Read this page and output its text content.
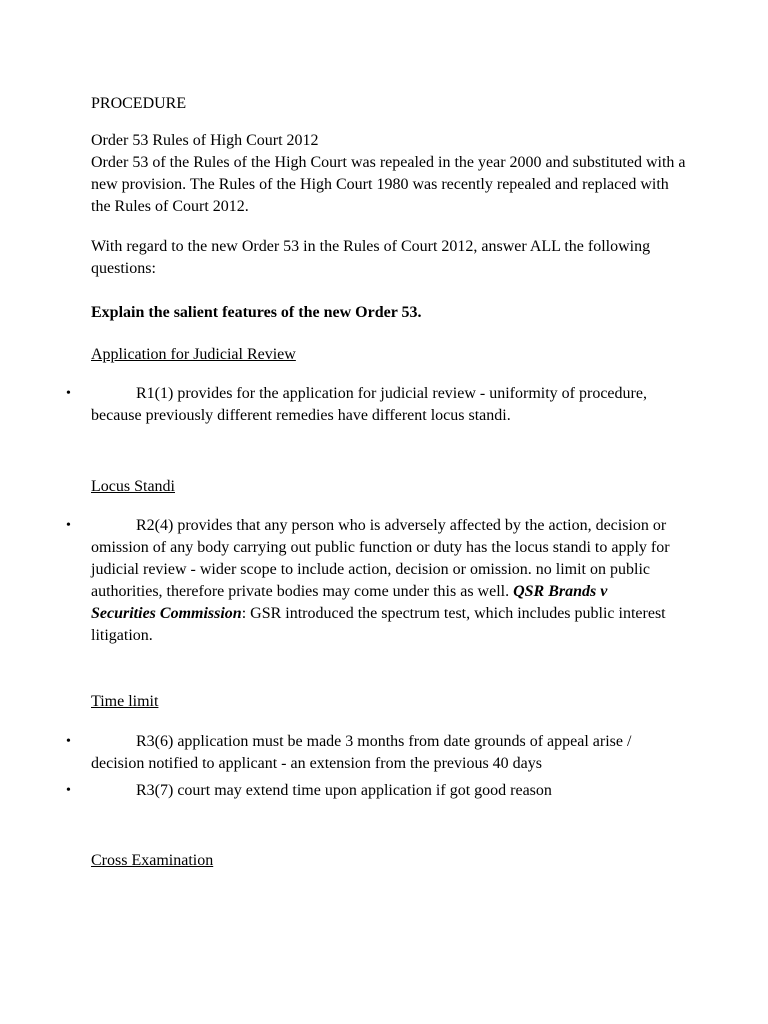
PROCEDURE

Order 53 Rules of High Court 2012

Order 53 of the Rules of the High Court was repealed in the year 2000 and substituted with a new provision. The Rules of the High Court 1980 was recently repealed and replaced with the Rules of Court 2012.

With regard to the new Order 53 in the Rules of Court 2012, answer ALL the following questions:

Explain the salient features of the new Order 53.

Application for Judicial Review

•	R1(1) provides for the application for judicial review - uniformity of procedure, because previously different remedies have different locus standi.

Locus Standi

•	R2(4) provides that any person who is adversely affected by the action, decision or omission of any body carrying out public function or duty has the locus standi to apply for judicial review - wider scope to include action, decision or omission. no limit on public authorities, therefore private bodies may come under this as well. QSR Brands v Securities Commission: GSR introduced the spectrum test, which includes public interest litigation.

Time limit

•	R3(6) application must be made 3 months from date grounds of appeal arise / decision notified to applicant - an extension from the previous 40 days

•	R3(7) court may extend time upon application if got good reason

Cross Examination
